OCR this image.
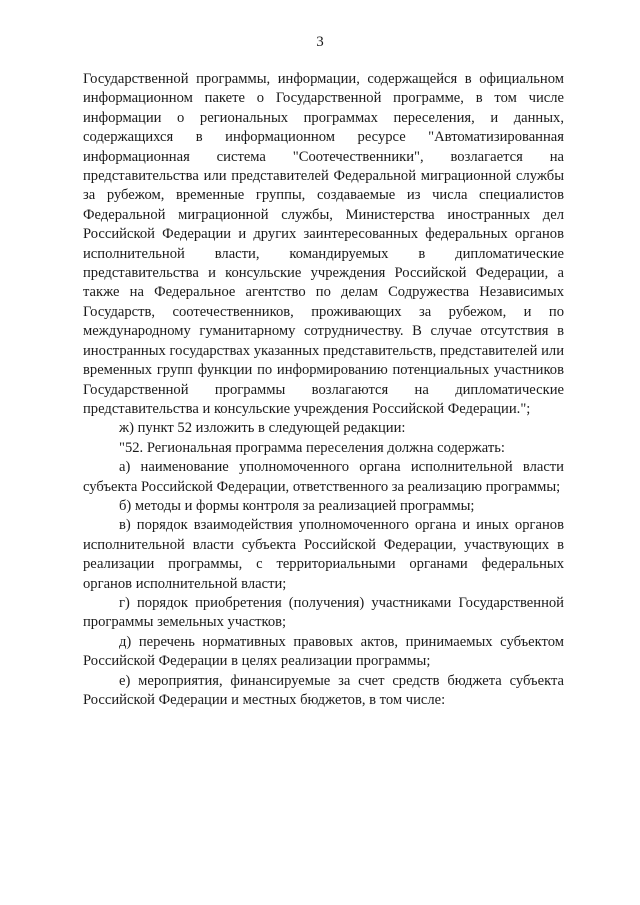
3

Государственной программы, информации, содержащейся в официальном информационном пакете о Государственной программе, в том числе информации о региональных программах переселения, и данных, содержащихся в информационном ресурсе "Автоматизированная информационная система "Соотечественники", возлагается на представительства или представителей Федеральной миграционной службы за рубежом, временные группы, создаваемые из числа специалистов Федеральной миграционной службы, Министерства иностранных дел Российской Федерации и других заинтересованных федеральных органов исполнительной власти, командируемых в дипломатические представительства и консульские учреждения Российской Федерации, а также на Федеральное агентство по делам Содружества Независимых Государств, соотечественников, проживающих за рубежом, и по международному гуманитарному сотрудничеству. В случае отсутствия в иностранных государствах указанных представительств, представителей или временных групп функции по информированию потенциальных участников Государственной программы возлагаются на дипломатические представительства и консульские учреждения Российской Федерации.";

ж) пункт 52 изложить в следующей редакции:

"52. Региональная программа переселения должна содержать:

а) наименование уполномоченного органа исполнительной власти субъекта Российской Федерации, ответственного за реализацию программы;

б) методы и формы контроля за реализацией программы;

в) порядок взаимодействия уполномоченного органа и иных органов исполнительной власти субъекта Российской Федерации, участвующих в реализации программы, с территориальными органами федеральных органов исполнительной власти;

г) порядок приобретения (получения) участниками Государственной программы земельных участков;

д) перечень нормативных правовых актов, принимаемых субъектом Российской Федерации в целях реализации программы;

е) мероприятия, финансируемые за счет средств бюджета субъекта Российской Федерации и местных бюджетов, в том числе:
